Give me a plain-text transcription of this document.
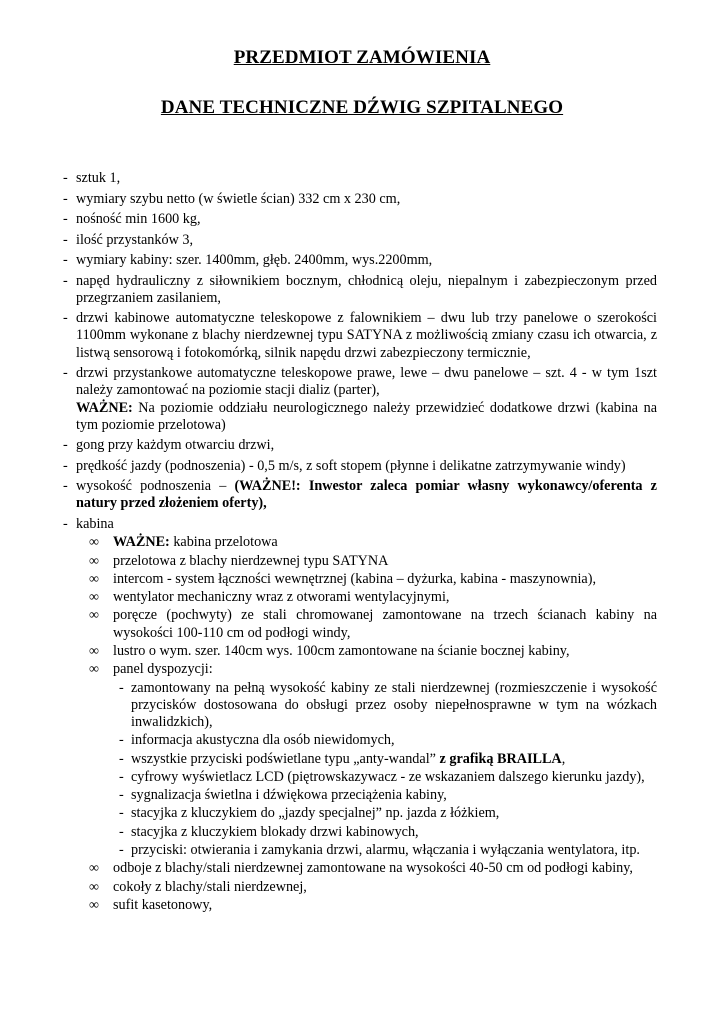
PRZEDMIOT ZAMÓWIENIA
DANE TECHNICZNE DŹWIG SZPITALNEGO
- sztuk 1,
- wymiary szybu netto (w świetle ścian) 332 cm x 230 cm,
- nośność min 1600 kg,
- ilość przystanków 3,
- wymiary kabiny: szer. 1400mm, głęb. 2400mm, wys.2200mm,
- napęd hydrauliczny z siłownikiem bocznym, chłodnicą oleju, niepalnym i zabezpieczonym przed przegrzaniem zasilaniem,
- drzwi kabinowe automatyczne teleskopowe z falownikiem – dwu lub trzy panelowe o szerokości 1100mm wykonane z blachy nierdzewnej typu SATYNA z możliwością zmiany czasu ich otwarcia, z listwą sensorową i fotokomórką, silnik napędu drzwi zabezpieczony termicznie,
- drzwi przystankowe automatyczne teleskopowe prawe, lewe – dwu panelowe – szt. 4 - w tym 1szt należy zamontować na poziomie stacji dializ (parter),
WAŻNE: Na poziomie oddziału neurologicznego należy przewidzieć dodatkowe drzwi (kabina na tym poziomie przelotowa)
- gong przy każdym otwarciu drzwi,
- prędkość jazdy (podnoszenia) - 0,5 m/s, z soft stopem (płynne i delikatne zatrzymywanie windy)
- wysokość podnoszenia – (WAŻNE!: Inwestor zaleca pomiar własny wykonawcy/oferenta z natury przed złożeniem oferty),
- kabina
∞ WAŻNE: kabina przelotowa
∞ przelotowa z blachy nierdzewnej typu SATYNA
∞ intercom - system łączności wewnętrznej (kabina – dyżurka, kabina - maszynownia),
∞ wentylator mechaniczny wraz z otworami wentylacyjnymi,
∞ poręcze (pochwyty) ze stali chromowanej zamontowane na trzech ścianach kabiny na wysokości 100-110 cm od podłogi windy,
∞ lustro o wym. szer. 140cm wys. 100cm zamontowane na ścianie bocznej kabiny,
∞ panel dyspozycji:
- zamontowany na pełną wysokość kabiny ze stali nierdzewnej (rozmieszczenie i wysokość przycisków dostosowana do obsługi przez osoby niepełnosprawne w tym na wózkach inwalidzkich),
- informacja akustyczna dla osób niewidomych,
- wszystkie przyciski podświetlane typu „anty-wandal” z grafiką BRAILLA,
- cyfrowy wyświetlacz LCD (piętrowskazywacz - ze wskazaniem dalszego kierunku jazdy),
- sygnalizacja świetlna i dźwiękowa przeciążenia kabiny,
- stacyjka z kluczykiem do „jazdy specjalnej” np. jazda z łóżkiem,
- stacyjka z kluczykiem blokady drzwi kabinowych,
- przyciski: otwierania i zamykania drzwi, alarmu, włączania i wyłączania wentylatora, itp.
∞ odboje z blachy/stali nierdzewnej zamontowane na wysokości 40-50 cm od podłogi kabiny,
∞ cokoły z blachy/stali nierdzewnej,
∞ sufit kasetonowy,
